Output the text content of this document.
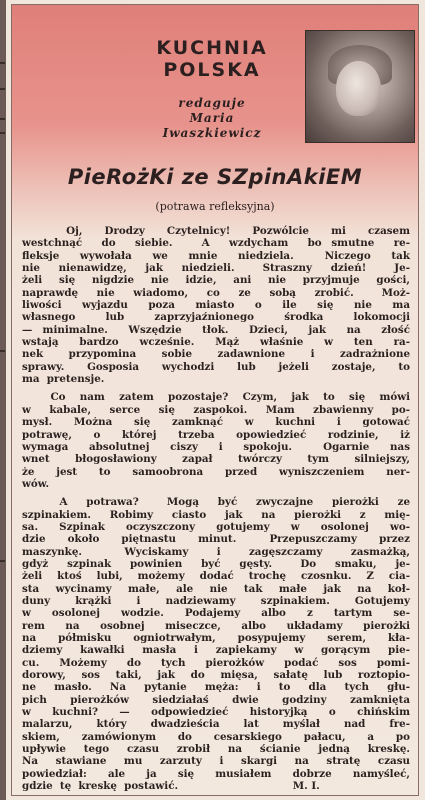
KUCHNIA
POLSKA
redaguje
Maria
Iwaszkiewicz
PieRożKi ze SZpinAkiEM
(potrawa refleksyjna)
Oj,  Drodzy  Czytelnicy!  Pozwólcie  mi  czasem
westchnąć  do  siebie.   A  wzdycham  bo smutne  re-
fleksje  wywołała  we  mnie  niedziela.   Niczego  tak
nie  nienawidzę,  jak  niedzieli.   Straszny  dzień!   Je-
żeli  się  nigdzie  nie  idzie,  ani  nie  przyjmuje  gości,
naprawdę  nie  wiadomo,  co  ze  sobą  zrobić.   Moż-
liwości  wyjazdu  poza  miasto  o  ile  się  nie  ma
własnego  lub  zaprzyjaźnionego  środka  lokomocji
— minimalne.  Wszędzie  tłok.  Dzieci,  jak  na  złość
wstają  bardzo  wcześnie.  Mąż  właśnie  w  ten  ra-
nek  przypomina  sobie  zadawnione  i  zadrażnione
sprawy.  Gosposia  wychodzi  lub  jeżeli  zostaje,  to
ma  pretensje.
Co  nam  zatem  pozostaje?  Czym,  jak  to  się  mówi
w  kabale,  serce  się  zaspokoi.  Mam  zbawienny  po-
mysł.  Można  się  zamknąć  w  kuchni  i  gotować
potrawę,  o  której  trzeba  opowiedzieć  rodzinie,  iż
wymaga  absolutnej  ciszy  i  spokoju.   Ogarnie  nas
wnet  błogosławiony  zapał  twórczy  tym  silniejszy,
że  jest  to  samoobrona  przed  wyniszczeniem  ner-
wów.
A  potrawa?   Mogą  być  zwyczajne  pierożki  ze
szpinakiem.  Robimy  ciasto  jak  na  pierożki  z  mię-
sa.  Szpinak  oczyszczony  gotujemy  w  osolonej  wo-
dzie  około  piętnastu  minut.   Przepuszczamy  przez
maszynkę.   Wyciskamy  i  zagęszczamy  zasmażką,
gdyż  szpinak  powinien  być  gęsty.   Do  smaku,  je-
żeli  ktoś  lubi,  możemy  dodać  trochę  czosnku.  Z  cia-
sta  wycinamy  małe,  ale  nie  tak  małe  jak  na  koł-
duny  krążki  i  nadziewamy  szpinakiem.  Gotujemy
w  osolonej  wodzie.  Podajemy  albo  z  tartym  se-
rem  na  osobnej  miseczce,  albo  układamy  pierożki
na  półmisku  ogniotrwałym,  posypujemy  serem,  kła-
dziemy  kawałki  masła  i  zapiekamy  w  gorącym  pie-
cu.  Możemy  do  tych  pierożków  podać  sos  pomi-
dorowy,  sos  taki,  jak  do  mięsa,  sałatę  lub  roztopio-
ne  masło.  Na  pytanie  męża:  i  to  dla  tych  głu-
pich  pierożków  siedziałaś  dwie  godziny  zamknięta
w  kuchni?  —  odpowiedzieć  historyjką  o  chińskim
malarzu,  który  dwadzieścia  lat  myślał  nad  fre-
skiem,  zamówionym  do  cesarskiego  pałacu,  a  po
upływie  tego  czasu  zrobił  na  ścianie  jedną  kreskę.
Na  stawiane  mu  zarzuty  i  skargi  na  stratę  czasu
powiedział:  ale  ja  się  musiałem  dobrze  namyśleć,
gdzie  tę  kreskę  postawić.                                M. I.
